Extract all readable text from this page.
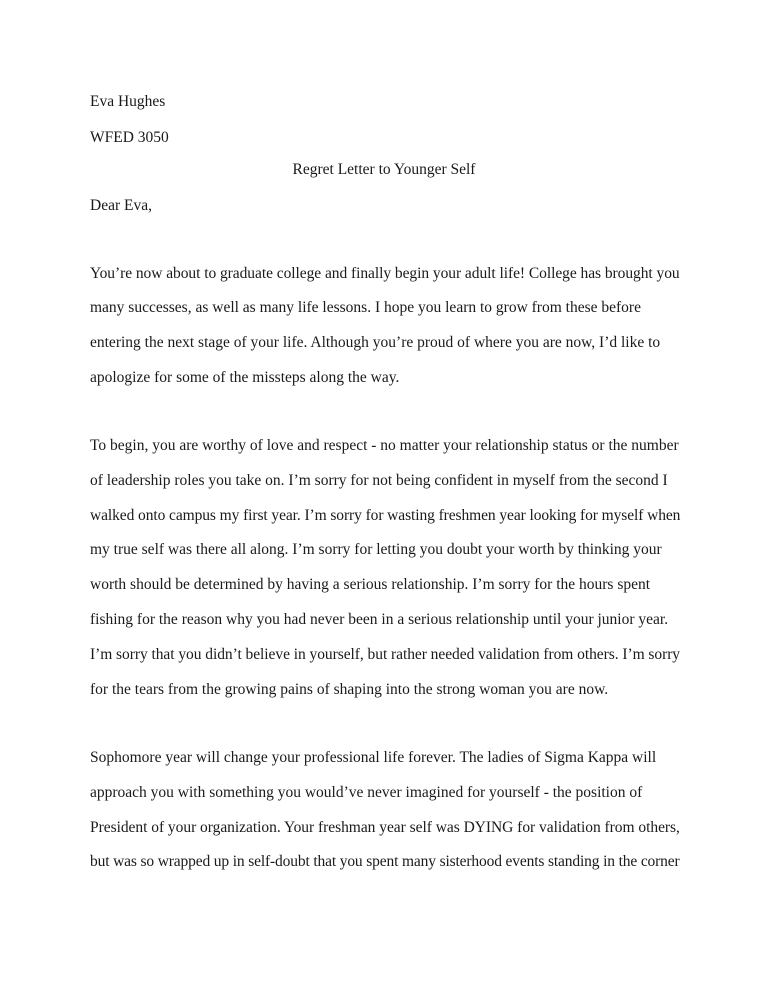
Eva Hughes

WFED 3050

Regret Letter to Younger Self

Dear Eva,

You’re now about to graduate college and finally begin your adult life! College has brought you

many successes, as well as many life lessons. I hope you learn to grow from these before

entering the next stage of your life. Although you’re proud of where you are now, I’d like to

apologize for some of the missteps along the way.

To begin, you are worthy of love and respect - no matter your relationship status or the number

of leadership roles you take on. I’m sorry for not being confident in myself from the second I

walked onto campus my first year. I’m sorry for wasting freshmen year looking for myself when

my true self was there all along. I’m sorry for letting you doubt your worth by thinking your

worth should be determined by having a serious relationship. I’m sorry for the hours spent

fishing for the reason why you had never been in a serious relationship until your junior year.

I’m sorry that you didn’t believe in yourself, but rather needed validation from others. I’m sorry

for the tears from the growing pains of shaping into the strong woman you are now.

Sophomore year will change your professional life forever. The ladies of Sigma Kappa will

approach you with something you would’ve never imagined for yourself - the position of

President of your organization. Your freshman year self was DYING for validation from others,

but was so wrapped up in self-doubt that you spent many sisterhood events standing in the corner
